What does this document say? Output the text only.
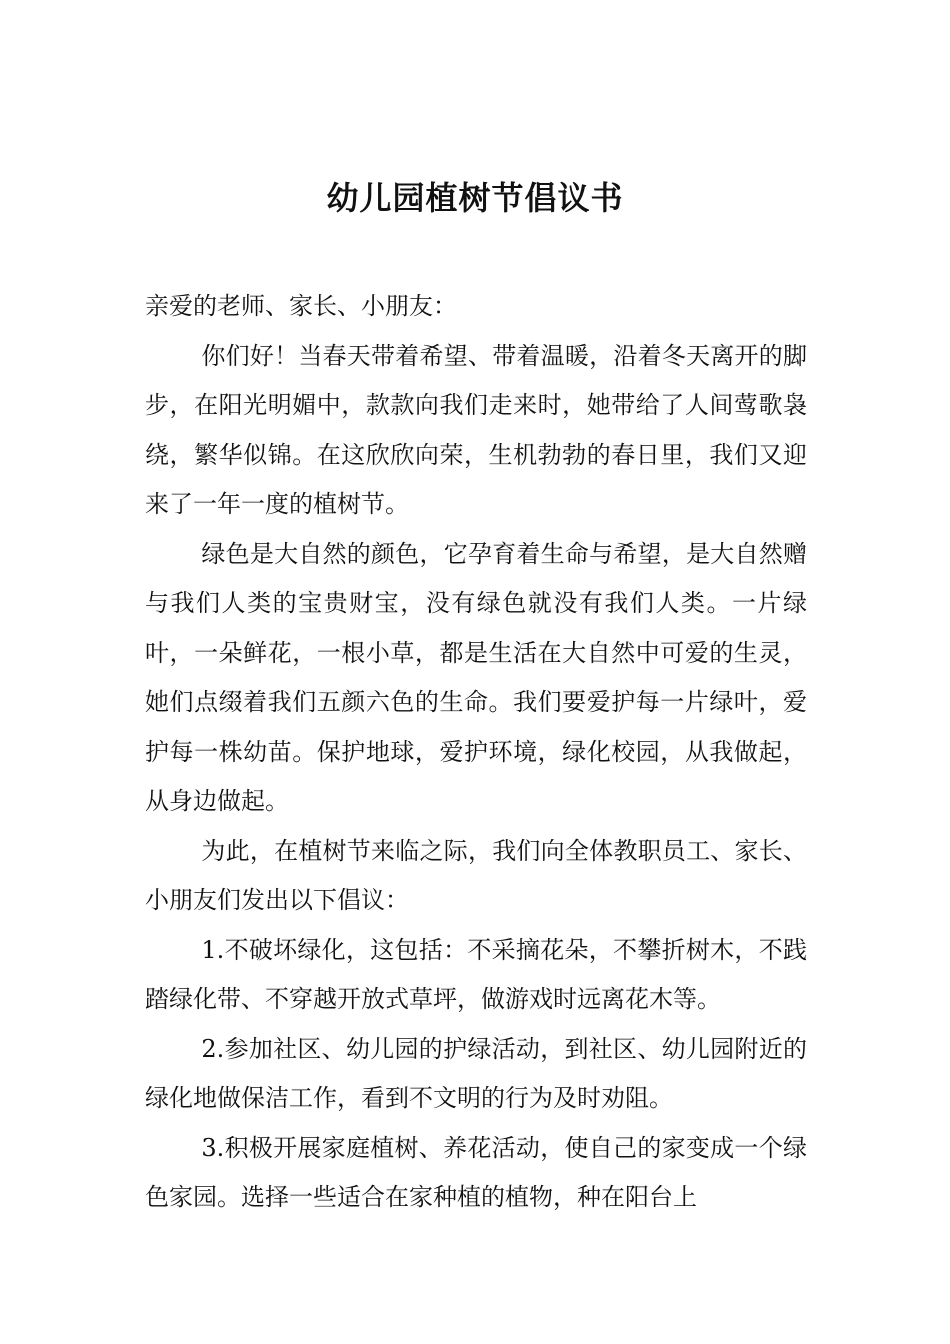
幼儿园植树节倡议书

亲爱的老师、家长、小朋友：

你们好！当春天带着希望、带着温暖，沿着冬天离开的脚步，在阳光明媚中，款款向我们走来时，她带给了人间莺歌袅绕，繁华似锦。在这欣欣向荣，生机勃勃的春日里，我们又迎来了一年一度的植树节。

绿色是大自然的颜色，它孕育着生命与希望，是大自然赠与我们人类的宝贵财宝，没有绿色就没有我们人类。一片绿叶，一朵鲜花，一根小草，都是生活在大自然中可爱的生灵，她们点缀着我们五颜六色的生命。我们要爱护每一片绿叶，爱护每一株幼苗。保护地球，爱护环境，绿化校园，从我做起，从身边做起。

为此，在植树节来临之际，我们向全体教职员工、家长、小朋友们发出以下倡议：

1.不破坏绿化，这包括：不采摘花朵，不攀折树木，不践踏绿化带、不穿越开放式草坪，做游戏时远离花木等。

2.参加社区、幼儿园的护绿活动，到社区、幼儿园附近的绿化地做保洁工作，看到不文明的行为及时劝阻。

3.积极开展家庭植树、养花活动，使自己的家变成一个绿色家园。选择一些适合在家种植的植物，种在阳台上
